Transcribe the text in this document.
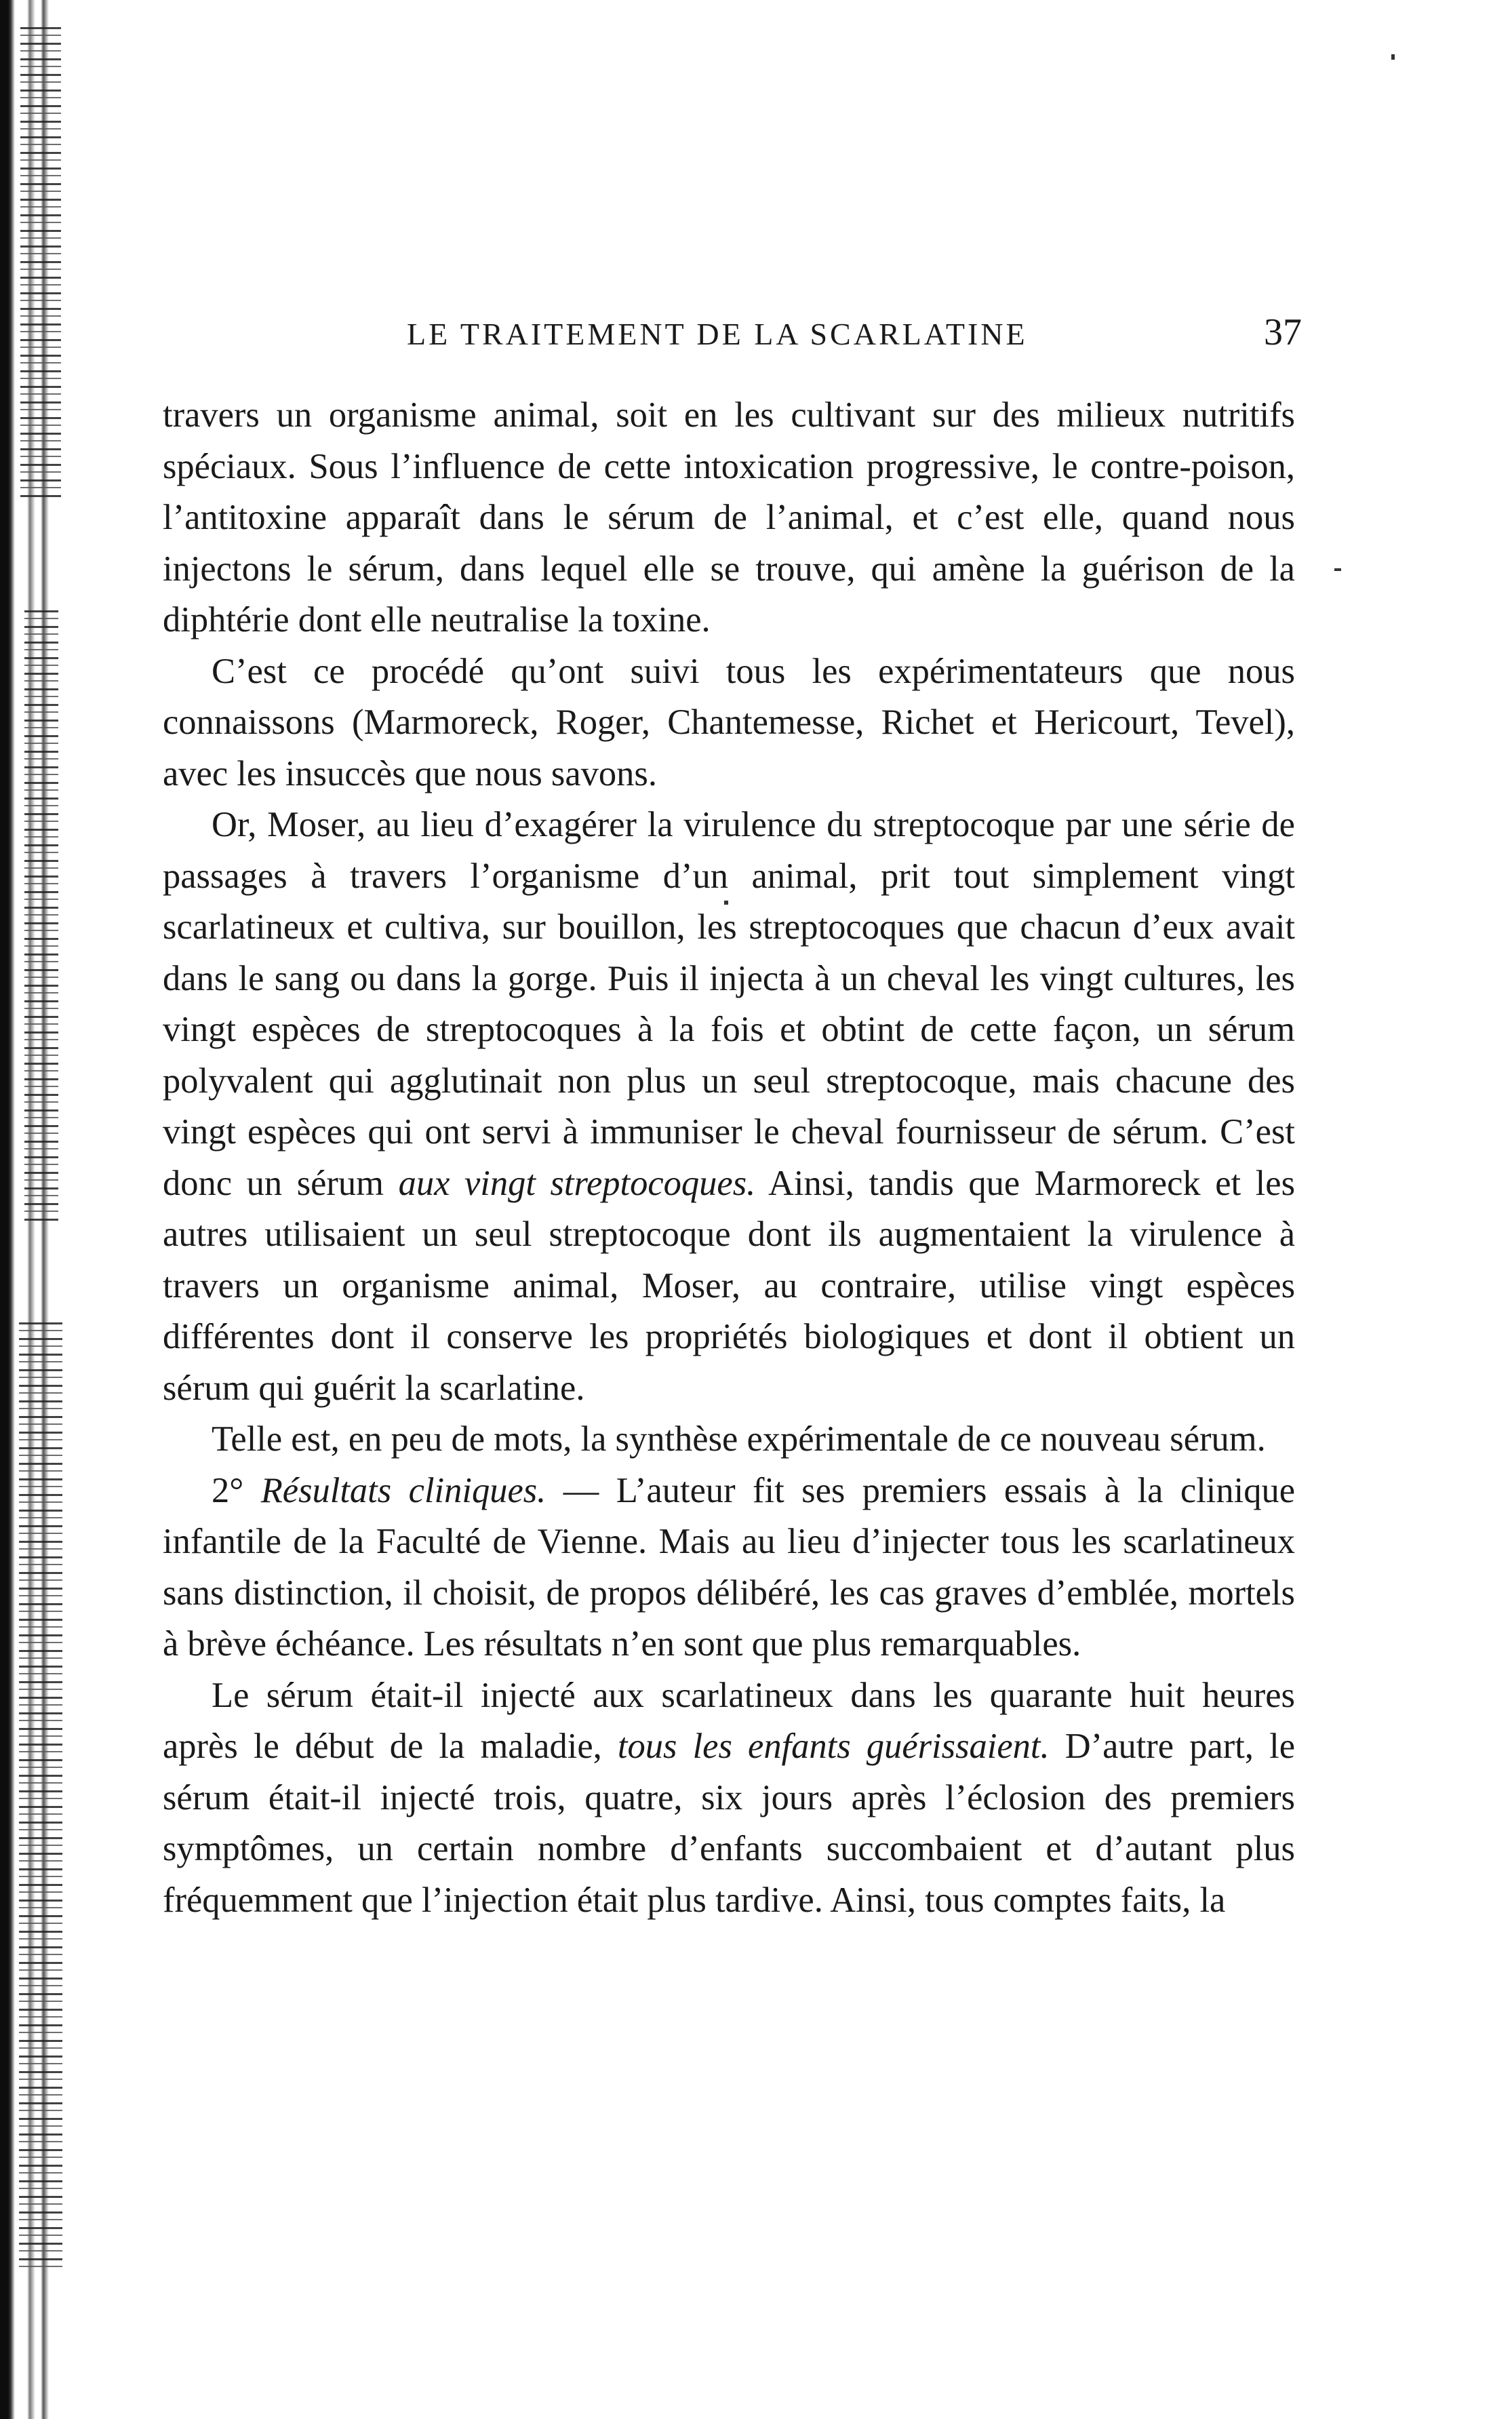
LE TRAITEMENT DE LA SCARLATINE	37

travers un organisme animal, soit en les cultivant sur des milieux nutritifs spéciaux. Sous l’influence de cette intoxication progressive, le contre-poison, l’antitoxine apparaît dans le sérum de l’animal, et c’est elle, quand nous injectons le sérum, dans lequel elle se trouve, qui amène la guérison de la diphtérie dont elle neutralise la toxine.

C’est ce procédé qu’ont suivi tous les expérimentateurs que nous connaissons (Marmoreck, Roger, Chantemesse, Richet et Hericourt, Tevel), avec les insuccès que nous savons.

Or, Moser, au lieu d’exagérer la virulence du streptocoque par une série de passages à travers l’organisme d’un animal, prit tout simplement vingt scarlatineux et cultiva, sur bouillon, les streptocoques que chacun d’eux avait dans le sang ou dans la gorge. Puis il injecta à un cheval les vingt cultures, les vingt espèces de streptocoques à la fois et obtint de cette façon, un sérum polyvalent qui agglutinait non plus un seul streptocoque, mais chacune des vingt espèces qui ont servi à immuniser le cheval fournisseur de sérum. C’est donc un sérum aux vingt streptocoques. Ainsi, tandis que Marmoreck et les autres utilisaient un seul streptocoque dont ils augmentaient la virulence à travers un organisme animal, Moser, au contraire, utilise vingt espèces différentes dont il conserve les propriétés biologiques et dont il obtient un sérum qui guérit la scarlatine.

Telle est, en peu de mots, la synthèse expérimentale de ce nouveau sérum.

2° Résultats cliniques. — L’auteur fit ses premiers essais à la clinique infantile de la Faculté de Vienne. Mais au lieu d’injecter tous les scarlatineux sans distinction, il choisit, de propos délibéré, les cas graves d’emblée, mortels à brève échéance. Les résultats n’en sont que plus remarquables.

Le sérum était-il injecté aux scarlatineux dans les quarante huit heures après le début de la maladie, tous les enfants guérissaient. D’autre part, le sérum était-il injecté trois, quatre, six jours après l’éclosion des premiers symptômes, un certain nombre d’enfants succombaient et d’autant plus fréquemment que l’injection était plus tardive. Ainsi, tous comptes faits, la
